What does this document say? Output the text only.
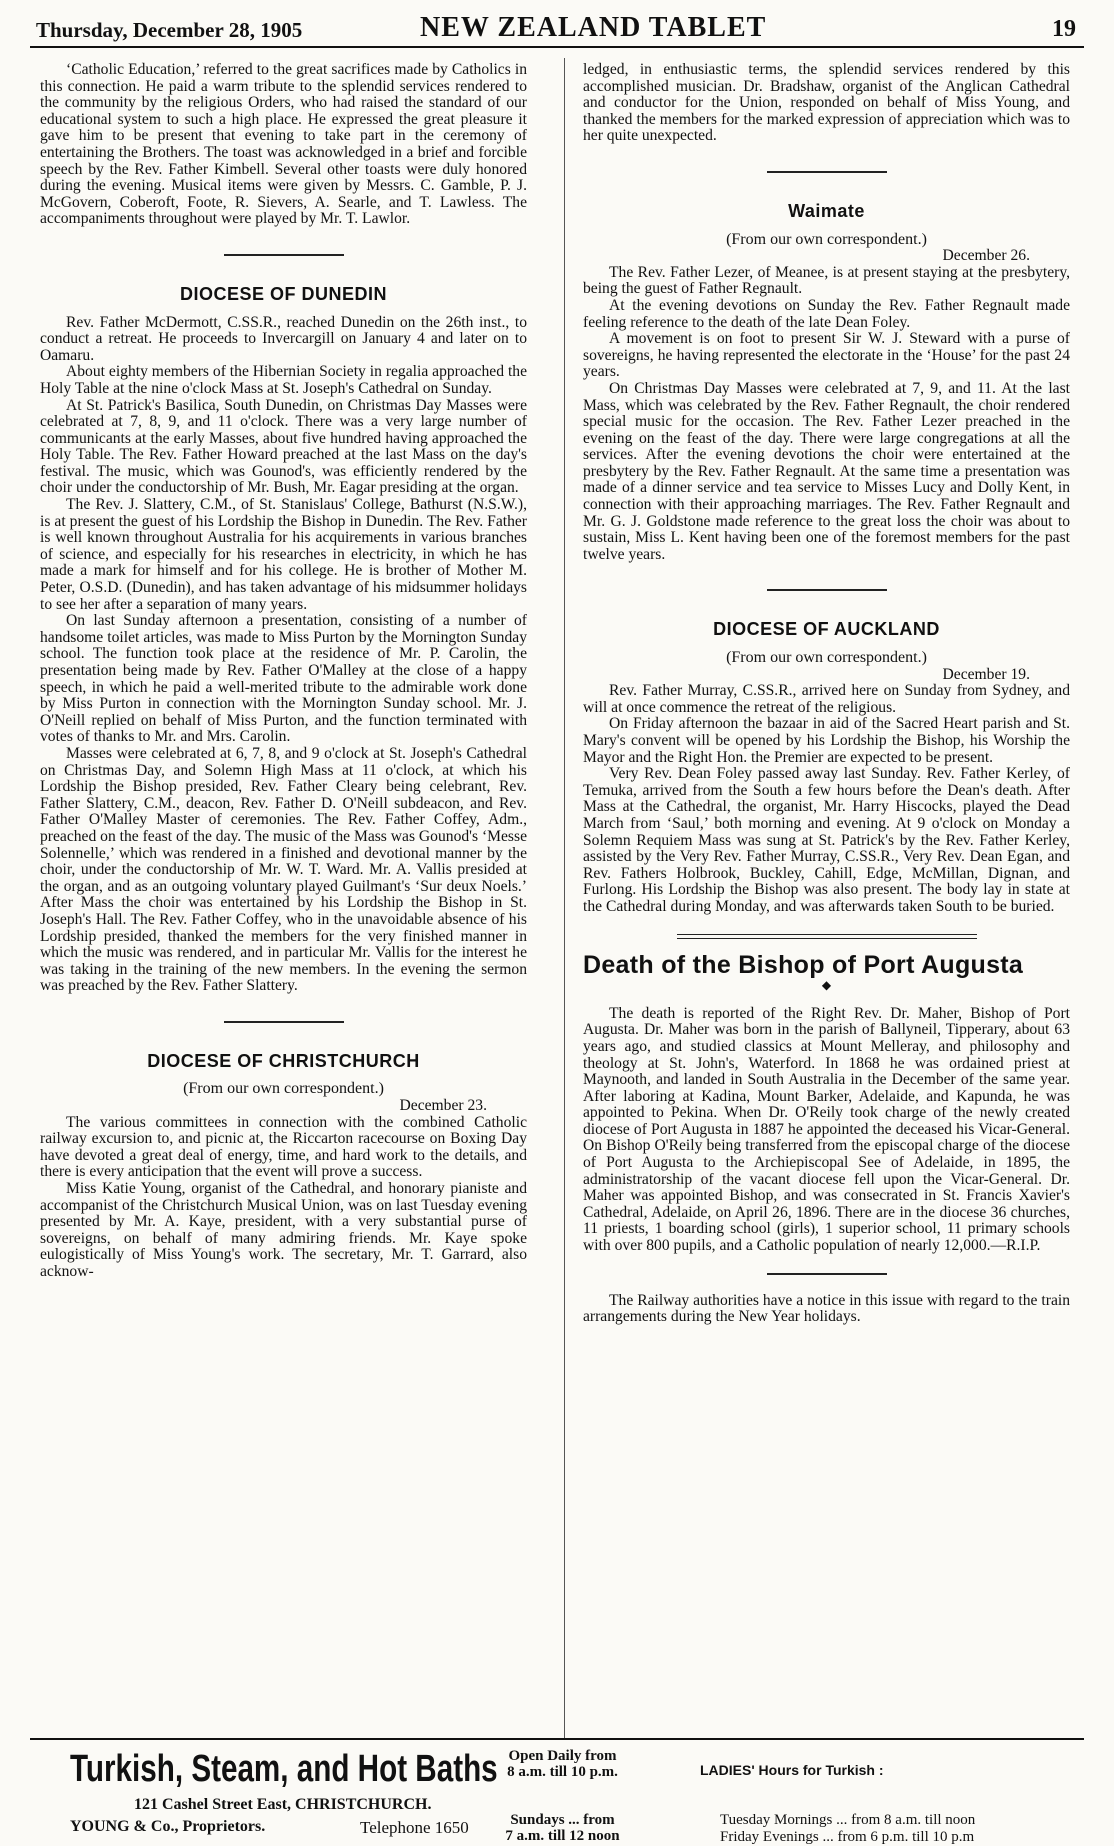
Thursday, December 28, 1905	NEW ZEALAND TABLET	19

‘Catholic Education,’ referred to the great sacrifices made by Catholics in this connection. He paid a warm tribute to the splendid services rendered to the community by the religious Orders, who had raised the standard of our educational system to such a high place. He expressed the great pleasure it gave him to be present that evening to take part in the ceremony of entertaining the Brothers. The toast was acknowledged in a brief and forcible speech by the Rev. Father Kimbell. Several other toasts were duly honored during the evening. Musical items were given by Messrs. C. Gamble, P. J. McGovern, Coberoft, Foote, R. Sievers, A. Searle, and T. Lawless. The accompaniments throughout were played by Mr. T. Lawlor.

DIOCESE OF DUNEDIN

Rev. Father McDermott, C.SS.R., reached Dunedin on the 26th inst., to conduct a retreat. He proceeds to Invercargill on January 4 and later on to Oamaru.

About eighty members of the Hibernian Society in regalia approached the Holy Table at the nine o'clock Mass at St. Joseph's Cathedral on Sunday.

At St. Patrick's Basilica, South Dunedin, on Christmas Day Masses were celebrated at 7, 8, 9, and 11 o'clock. There was a very large number of communicants at the early Masses, about five hundred having approached the Holy Table. The Rev. Father Howard preached at the last Mass on the day's festival. The music, which was Gounod's, was efficiently rendered by the choir under the conductorship of Mr. Bush, Mr. Eagar presiding at the organ.

The Rev. J. Slattery, C.M., of St. Stanislaus' College, Bathurst (N.S.W.), is at present the guest of his Lordship the Bishop in Dunedin. The Rev. Father is well known throughout Australia for his acquirements in various branches of science, and especially for his researches in electricity, in which he has made a mark for himself and for his college. He is brother of Mother M. Peter, O.S.D. (Dunedin), and has taken advantage of his midsummer holidays to see her after a separation of many years.

On last Sunday afternoon a presentation, consisting of a number of handsome toilet articles, was made to Miss Purton by the Mornington Sunday school. The function took place at the residence of Mr. P. Carolin, the presentation being made by Rev. Father O'Malley at the close of a happy speech, in which he paid a well-merited tribute to the admirable work done by Miss Purton in connection with the Mornington Sunday school. Mr. J. O'Neill replied on behalf of Miss Purton, and the function terminated with votes of thanks to Mr. and Mrs. Carolin.

Masses were celebrated at 6, 7, 8, and 9 o'clock at St. Joseph's Cathedral on Christmas Day, and Solemn High Mass at 11 o'clock, at which his Lordship the Bishop presided, Rev. Father Cleary being celebrant, Rev. Father Slattery, C.M., deacon, Rev. Father D. O'Neill subdeacon, and Rev. Father O'Malley Master of ceremonies. The Rev. Father Coffey, Adm., preached on the feast of the day. The music of the Mass was Gounod's ‘Messe Solennelle,’ which was rendered in a finished and devotional manner by the choir, under the conductorship of Mr. W. T. Ward. Mr. A. Vallis presided at the organ, and as an outgoing voluntary played Guilmant's ‘Sur deux Noels.’ After Mass the choir was entertained by his Lordship the Bishop in St. Joseph's Hall. The Rev. Father Coffey, who in the unavoidable absence of his Lordship presided, thanked the members for the very finished manner in which the music was rendered, and in particular Mr. Vallis for the interest he was taking in the training of the new members. In the evening the sermon was preached by the Rev. Father Slattery.

DIOCESE OF CHRISTCHURCH
(From our own correspondent.)
December 23.

The various committees in connection with the combined Catholic railway excursion to, and picnic at, the Riccarton racecourse on Boxing Day have devoted a great deal of energy, time, and hard work to the details, and there is every anticipation that the event will prove a success.

Miss Katie Young, organist of the Cathedral, and honorary pianiste and accompanist of the Christchurch Musical Union, was on last Tuesday evening presented by Mr. A. Kaye, president, with a very substantial purse of sovereigns, on behalf of many admiring friends. Mr. Kaye spoke eulogistically of Miss Young's work. The secretary, Mr. T. Garrard, also acknow-

ledged, in enthusiastic terms, the splendid services rendered by this accomplished musician. Dr. Bradshaw, organist of the Anglican Cathedral and conductor for the Union, responded on behalf of Miss Young, and thanked the members for the marked expression of appreciation which was to her quite unexpected.

Waimate
(From our own correspondent.)
December 26.

The Rev. Father Lezer, of Meanee, is at present staying at the presbytery, being the guest of Father Regnault.

At the evening devotions on Sunday the Rev. Father Regnault made feeling reference to the death of the late Dean Foley.

A movement is on foot to present Sir W. J. Steward with a purse of sovereigns, he having represented the electorate in the ‘House’ for the past 24 years.

On Christmas Day Masses were celebrated at 7, 9, and 11. At the last Mass, which was celebrated by the Rev. Father Regnault, the choir rendered special music for the occasion. The Rev. Father Lezer preached in the evening on the feast of the day. There were large congregations at all the services. After the evening devotions the choir were entertained at the presbytery by the Rev. Father Regnault. At the same time a presentation was made of a dinner service and tea service to Misses Lucy and Dolly Kent, in connection with their approaching marriages. The Rev. Father Regnault and Mr. G. J. Goldstone made reference to the great loss the choir was about to sustain, Miss L. Kent having been one of the foremost members for the past twelve years.

DIOCESE OF AUCKLAND
(From our own correspondent.)
December 19.

Rev. Father Murray, C.SS.R., arrived here on Sunday from Sydney, and will at once commence the retreat of the religious.

On Friday afternoon the bazaar in aid of the Sacred Heart parish and St. Mary's convent will be opened by his Lordship the Bishop, his Worship the Mayor and the Right Hon. the Premier are expected to be present.

Very Rev. Dean Foley passed away last Sunday. Rev. Father Kerley, of Temuka, arrived from the South a few hours before the Dean's death. After Mass at the Cathedral, the organist, Mr. Harry Hiscocks, played the Dead March from ‘Saul,’ both morning and evening. At 9 o'clock on Monday a Solemn Requiem Mass was sung at St. Patrick's by the Rev. Father Kerley, assisted by the Very Rev. Father Murray, C.SS.R., Very Rev. Dean Egan, and Rev. Fathers Holbrook, Buckley, Cahill, Edge, McMillan, Dignan, and Furlong. His Lordship the Bishop was also present. The body lay in state at the Cathedral during Monday, and was afterwards taken South to be buried.

Death of the Bishop of Port Augusta
◆

The death is reported of the Right Rev. Dr. Maher, Bishop of Port Augusta. Dr. Maher was born in the parish of Ballyneil, Tipperary, about 63 years ago, and studied classics at Mount Melleray, and philosophy and theology at St. John's, Waterford. In 1868 he was ordained priest at Maynooth, and landed in South Australia in the December of the same year. After laboring at Kadina, Mount Barker, Adelaide, and Kapunda, he was appointed to Pekina. When Dr. O'Reily took charge of the newly created diocese of Port Augusta in 1887 he appointed the deceased his Vicar-General. On Bishop O'Reily being transferred from the episcopal charge of the diocese of Port Augusta to the Archiepiscopal See of Adelaide, in 1895, the administratorship of the vacant diocese fell upon the Vicar-General. Dr. Maher was appointed Bishop, and was consecrated in St. Francis Xavier's Cathedral, Adelaide, on April 26, 1896. There are in the diocese 36 churches, 11 priests, 1 boarding school (girls), 1 superior school, 11 primary schools with over 800 pupils, and a Catholic population of nearly 12,000.—R.I.P.

The Railway authorities have a notice in this issue with regard to the train arrangements during the New Year holidays.

Turkish, Steam, and Hot Baths
121 Cashel Street East, CHRISTCHURCH.
YOUNG & Co., Proprietors.	Telephone 1650
Open Daily from 8 a.m. till 10 p.m.
Sundays ... from 7 a.m. till 12 noon
LADIES' Hours for Turkish :
Tuesday Mornings ... from 8 a.m. till noon
Friday Evenings ... from 6 p.m. till 10 p.m
